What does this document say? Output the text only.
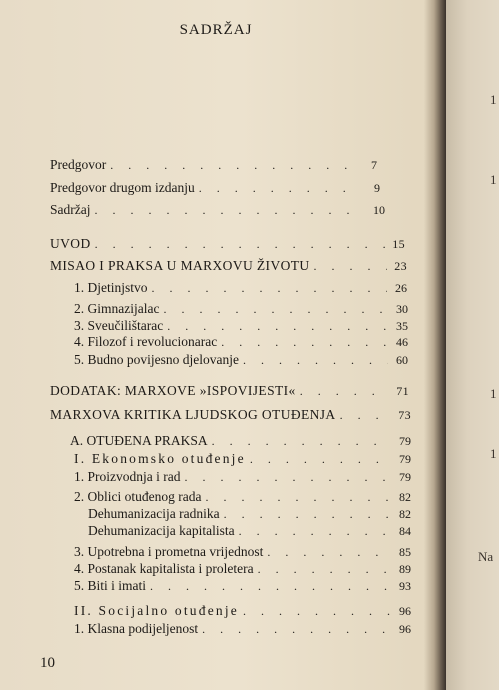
SADRŽAJ
Predgovor . . .	7
Predgovor drugom izdanju . . .	9
Sadržaj . . .	10
UVOD . . .	15
MISAO I PRAKSA U MARXOVU ŽIVOTU . . .	23
1. Djetinjstvo . . .	26
2. Gimnazijalac . . .	30
3. Sveučilištarac . . .	35
4. Filozof i revolucionarac . . .	46
5. Budno povijesno djelovanje . . .	60
DODATAK: MARXOVE »ISPOVIJESTI« . . .	71
MARXOVA KRITIKA LJUDSKOG OTUĐENJA . . .	73
A. OTUĐENA PRAKSA . . .	79
I. Ekonomsko otuđenje . . .	79
1. Proizvodnja i rad . . .	79
2. Oblici otuđenog rada . . .	82
Dehumanizacija radnika . . .	82
Dehumanizacija kapitalista . . .	84
3. Upotrebna i prometna vrijednost . . .	85
4. Postanak kapitalista i proletera . . .	89
5. Biti i imati . . .	93
II. Socijalno otuđenje . . .	96
1. Klasna podijeljenost . . .	96
10
1
1
1
1
Na
